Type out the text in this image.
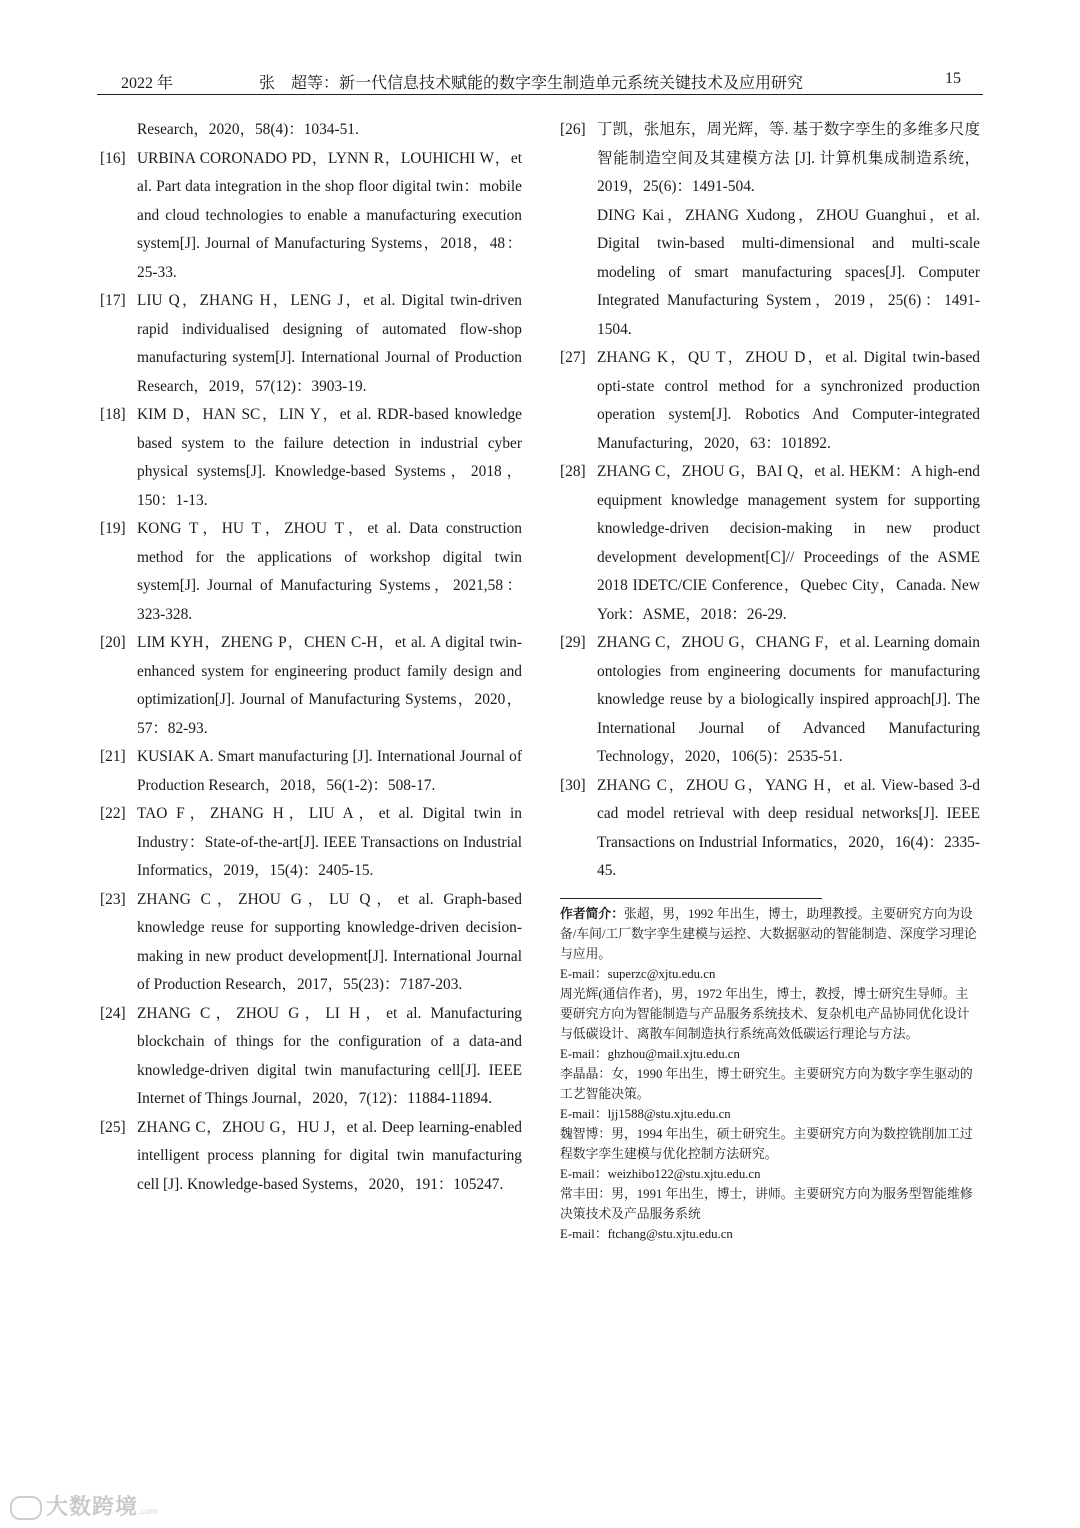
2022 年	张　超等：新一代信息技术赋能的数字孪生制造单元系统关键技术及应用研究	15
Research，2020，58(4)：1034-51.
[16] URBINA CORONADO PD，LYNN R，LOUHICHI W，et al. Part data integration in the shop floor digital twin：mobile and cloud technologies to enable a manufacturing execution system[J]. Journal of Manufacturing Systems，2018，48：25-33.
[17] LIU Q，ZHANG H，LENG J，et al. Digital twin-driven rapid individualised designing of automated flow-shop manufacturing system[J]. International Journal of Production Research，2019，57(12)：3903-19.
[18] KIM D，HAN SC，LIN Y，et al. RDR-based knowledge based system to the failure detection in industrial cyber physical systems[J]. Knowledge-based Systems，2018，150：1-13.
[19] KONG T，HU T，ZHOU T，et al. Data construction method for the applications of workshop digital twin system[J]. Journal of Manufacturing Systems，2021,58：323-328.
[20] LIM KYH，ZHENG P，CHEN C-H，et al. A digital twin-enhanced system for engineering product family design and optimization[J]. Journal of Manufacturing Systems，2020，57：82-93.
[21] KUSIAK A. Smart manufacturing [J]. International Journal of Production Research，2018，56(1-2)：508-17.
[22] TAO F，ZHANG H，LIU A，et al. Digital twin in Industry：State-of-the-art[J]. IEEE Transactions on Industrial Informatics，2019，15(4)：2405-15.
[23] ZHANG C，ZHOU G，LU Q，et al. Graph-based knowledge reuse for supporting knowledge-driven decision-making in new product development[J]. International Journal of Production Research，2017，55(23)：7187-203.
[24] ZHANG C，ZHOU G，LI H，et al. Manufacturing blockchain of things for the configuration of a data-and knowledge-driven digital twin manufacturing cell[J]. IEEE Internet of Things Journal，2020，7(12)：11884-11894.
[25] ZHANG C，ZHOU G，HU J，et al. Deep learning-enabled intelligent process planning for digital twin manufacturing cell [J]. Knowledge-based Systems，2020，191：105247.
[26] 丁凯，张旭东，周光辉，等. 基于数字孪生的多维多尺度智能制造空间及其建模方法 [J]. 计算机集成制造系统，2019，25(6)：1491-504.
DING Kai，ZHANG Xudong，ZHOU Guanghui，et al. Digital twin-based multi-dimensional and multi-scale modeling of smart manufacturing spaces[J]. Computer Integrated Manufacturing System，2019，25(6)：1491-1504.
[27] ZHANG K，QU T，ZHOU D，et al. Digital twin-based opti-state control method for a synchronized production operation system[J]. Robotics And Computer-integrated Manufacturing，2020，63：101892.
[28] ZHANG C，ZHOU G，BAI Q，et al. HEKM：A high-end equipment knowledge management system for supporting knowledge-driven decision-making in new product development development[C]// Proceedings of the ASME 2018 IDETC/CIE Conference，Quebec City，Canada. New York：ASME，2018：26-29.
[29] ZHANG C，ZHOU G，CHANG F，et al. Learning domain ontologies from engineering documents for manufacturing knowledge reuse by a biologically inspired approach[J]. The International Journal of Advanced Manufacturing Technology，2020，106(5)：2535-51.
[30] ZHANG C，ZHOU G，YANG H，et al. View-based 3-d cad model retrieval with deep residual networks[J]. IEEE Transactions on Industrial Informatics，2020，16(4)：2335-45.

作者简介：张超，男，1992 年出生，博士，助理教授。主要研究方向为设备/车间/工厂数字孪生建模与运控、大数据驱动的智能制造、深度学习理论与应用。

E-mail：superzc@xjtu.edu.cn

周光辉(通信作者)，男，1972 年出生，博士，教授，博士研究生导师。主要研究方向为智能制造与产品服务系统技术、复杂机电产品协同优化设计与低碳设计、离散车间制造执行系统高效低碳运行理论与方法。

E-mail：ghzhou@mail.xjtu.edu.cn

李晶晶：女，1990 年出生，博士研究生。主要研究方向为数字孪生驱动的工艺智能决策。

E-mail：ljj1588@stu.xjtu.edu.cn

魏智博：男，1994 年出生，硕士研究生。主要研究方向为数控铣削加工过程数字孪生建模与优化控制方法研究。

E-mail：weizhibo122@stu.xjtu.edu.cn

常丰田：男，1991 年出生，博士，讲师。主要研究方向为服务型智能维修决策技术及产品服务系统

E-mail：ftchang@stu.xjtu.edu.cn

大数跨境.com
